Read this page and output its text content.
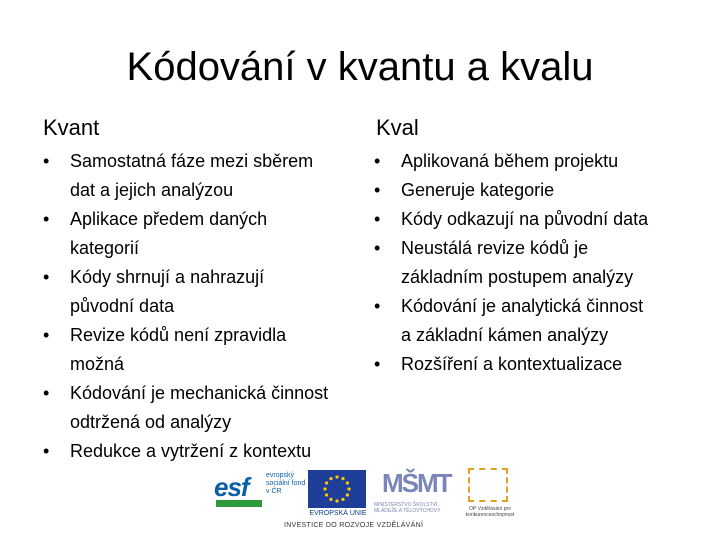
Kódování v kvantu a kvalu
Kvant	Kval
• Samostatná fáze mezi sběrem
dat a jejich analýzou
• Aplikace předem daných
kategorií
• Kódy shrnují a nahrazují
původní data
• Revize kódů není zpravidla
možná
• Kódování je mechanická činnost
odtržená od analýzy
• Redukce a vytržení z kontextu
• Aplikovaná během projektu
• Generuje kategorie
• Kódy odkazují na původní data
• Neustálá revize kódů je
základním postupem analýzy
• Kódování je analytická činnost
a základní kámen analýzy
• Rozšíření a kontextualizace
esf evropský sociální fond v ČR
EVROPSKÁ UNIE
MŠMT
MINISTERSTVO ŠKOLSTVÍ, MLÁDEŽE A TĚLOVÝCHOVY	OP Vzdělávání pro konkurenceschopnost
INVESTICE DO ROZVOJE VZDĚLÁVÁNÍ
